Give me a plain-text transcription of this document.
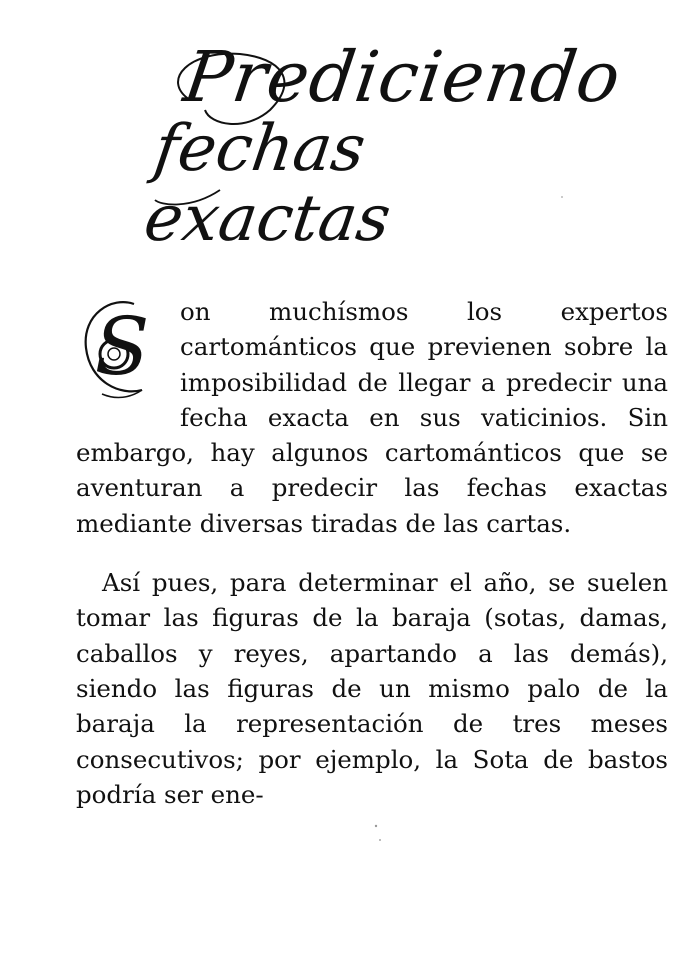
Prediciendo
fechas exactas
S	on muchísmos los expertos cartománticos que previenen sobre la imposibilidad de llegar a predecir una fecha exacta en sus vaticinios. Sin embargo, hay algunos cartománticos que se aventuran a predecir las fechas exactas mediante diversas tiradas de las cartas.

Así pues, para determinar el año, se suelen tomar las figuras de la baraja (sotas, damas, caballos y reyes, apartando a las demás), siendo las figuras de un mismo palo de la baraja la representación de tres meses consecutivos; por ejemplo, la Sota de bastos podría ser ene-
